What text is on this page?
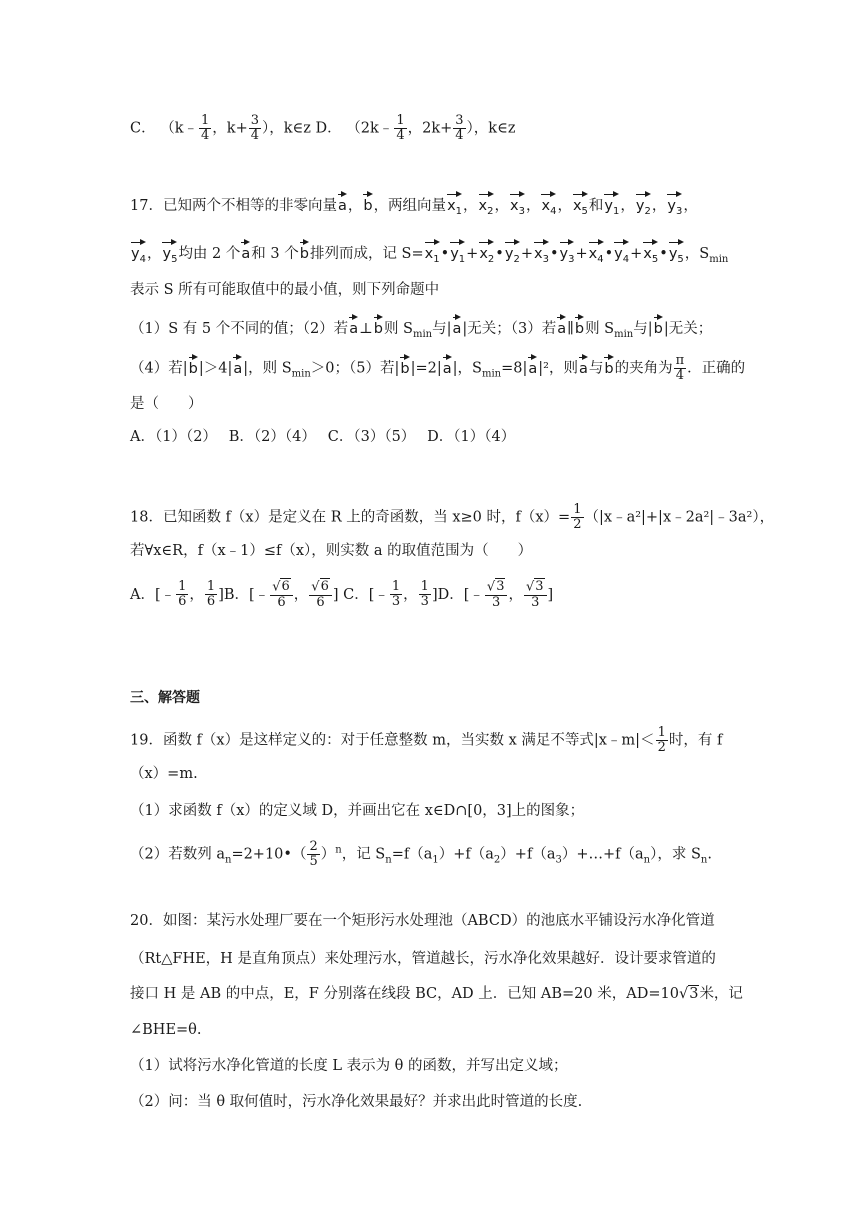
C． （k﹣ $\frac{1}{4}$ ，$k+ \frac{3}{4}$ ），k∈z D． （2k﹣ $\frac{1}{4}$ ，$2k+ \frac{3}{4}$ ），k∈z
17．已知两个不相等的非零向量a，b，两组向量$x_1$，$x_2$，$x_3$，$x_4$，$x_5$和$y_1$，$y_2$，$y_3$，
$y_4$，$y_5$均由 2 个a和 3 个b排列而成，记 $S=x_1•y_1+x_2•y_2+x_3•y_3+x_4•y_4+x_5•y_5$，$S_{min}$
表示 S 所有可能取值中的最小值，则下列命题中
（1）S 有 5 个不同的值；（2）若a⊥b则 $S_{min}$与|a|无关；（3）若a∥b则 $S_{min}$与|b|无关；
（4）若|b|＞4|a|，则 $S_{min}>0$；（5）若|b|=2|a|，$S_{min}=8|a|^2$，则a与b的夹角为 $\frac{\pi}{4}$ ．正确的
是（　　）
A．（1）（2）　 B．（2）（4）　 C．（3）（5）　 D．（1）（4）
18．已知函数 f（x）是定义在 R 上的奇函数，当 x≥0 时，$f(x)= \frac{1}{2}$ （|x﹣a²|+|x﹣2a²|﹣3a²），
若∀x∈R，f（x﹣1）≤f（x），则实数 a 的取值范围为（　　）
A．[﹣ $\frac{1}{6}$ ， $\frac{1}{6} ]B$．[﹣ $\frac{√6}{6}$ ， $\frac{√6}{6}$ ] C．[﹣ $\frac{1}{3}$ ， $\frac{1}{3} ]D$．[﹣ $\frac{√3}{3}$ ， $\frac{√3}{3}$ ]
三、解答题
19．函数 f（x）是这样定义的：对于任意整数 m，当实数 x 满足不等式|x﹣m|＜ $\frac{1}{2}$ 时，有 f
（x）=m.
（1）求函数 f（x）的定义域 D，并画出它在 x∈D∩[0，3]上的图象；
（2）若数列 $a_n=2+10•( \frac{2}{5} )^n$，记 $S_n=f(a_1)+f(a_2)+f(a_3)+\dots+f(a_n)$，求 $S_n$.
20．如图：某污水处理厂要在一个矩形污水处理池（ABCD）的池底水平铺设污水净化管道
（Rt△FHE，H 是直角顶点）来处理污水，管道越长，污水净化效果越好．设计要求管道的
接口 H 是 AB 的中点，E，F 分别落在线段 BC，AD 上．已知 AB=20 米，AD=10√3米，记
∠BHE=θ.
（1）试将污水净化管道的长度 L 表示为 θ 的函数，并写出定义域；
（2）问：当 θ 取何值时，污水净化效果最好？并求出此时管道的长度.
